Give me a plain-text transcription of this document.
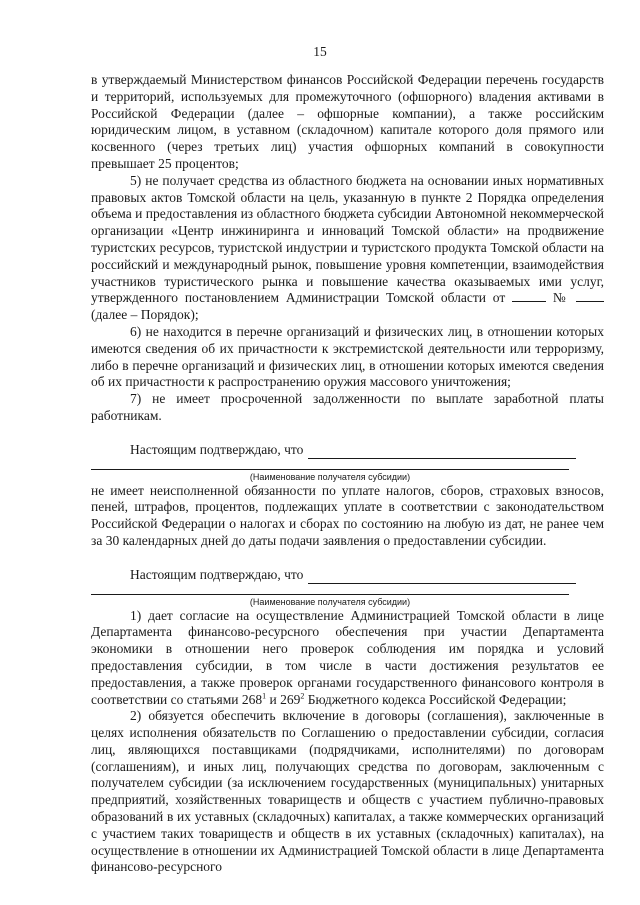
15

в утверждаемый Министерством финансов Российской Федерации перечень государств и территорий, используемых для промежуточного (офшорного) владения активами в Российской Федерации (далее – офшорные компании), а также российским юридическим лицом, в уставном (складочном) капитале которого доля прямого или косвенного (через третьих лиц) участия офшорных компаний в совокупности превышает 25 процентов;

5) не получает средства из областного бюджета на основании иных нормативных правовых актов Томской области на цель, указанную в пункте 2 Порядка определения объема и предоставления из областного бюджета субсидии Автономной некоммерческой организации «Центр инжиниринга и инноваций Томской области» на продвижение туристских ресурсов, туристской индустрии и туристского продукта Томской области на российский и международный рынок, повышение уровня компетенции, взаимодействия участников туристического рынка и повышение качества оказываемых ими услуг, утвержденного постановлением Администрации Томской области от	№  (далее – Порядок);

6) не находится в перечне организаций и физических лиц, в отношении которых имеются сведения об их причастности к экстремистской деятельности или терроризму, либо в перечне организаций и физических лиц, в отношении которых имеются сведения об их причастности к распространению оружия массового уничтожения;

7) не имеет просроченной задолженности по выплате заработной платы работникам.

Настоящим подтверждаю, что
(Наименование получателя субсидии)

не имеет неисполненной обязанности по уплате налогов, сборов, страховых взносов, пеней, штрафов, процентов, подлежащих уплате в соответствии с законодательством Российской Федерации о налогах и сборах по состоянию на любую из дат, не ранее чем за 30 календарных дней до даты подачи заявления о предоставлении субсидии.

Настоящим подтверждаю, что
(Наименование получателя субсидии)

1) дает согласие на осуществление Администрацией Томской области в лице Департамента финансово-ресурсного обеспечения при участии Департамента экономики в отношении него проверок соблюдения им порядка и условий предоставления субсидии, в том числе в части достижения результатов ее предоставления, а также проверок органами государственного финансового контроля в соответствии со статьями $268^1$ и $269^2$ Бюджетного кодекса Российской Федерации;

2) обязуется обеспечить включение в договоры (соглашения), заключенные в целях исполнения обязательств по Соглашению о предоставлении субсидии, согласия лиц, являющихся поставщиками (подрядчиками, исполнителями) по договорам (соглашениям), и иных лиц, получающих средства по договорам, заключенным с получателем субсидии (за исключением государственных (муниципальных) унитарных предприятий, хозяйственных товариществ и обществ с участием публично-правовых образований в их уставных (складочных) капиталах, а также коммерческих организаций с участием таких товариществ и обществ в их уставных (складочных) капиталах), на осуществление в отношении их Администрацией Томской области в лице Департамента финансово-ресурсного
